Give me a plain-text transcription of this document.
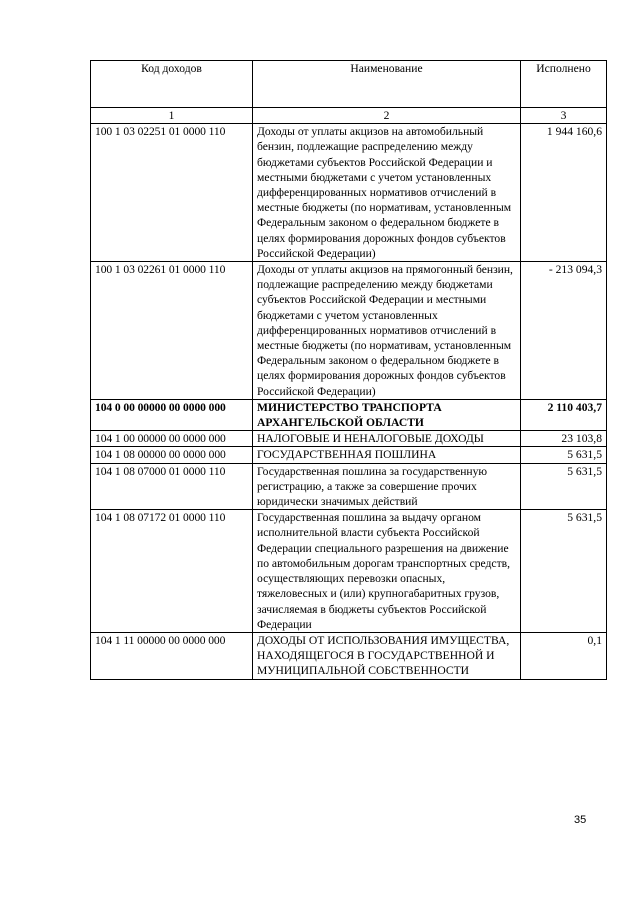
Код доходов	Наименование	Исполнено
1	2	3
100 1 03 02251 01 0000 110	Доходы от уплаты акцизов на автомобильный бензин, подлежащие распределению между бюджетами субъектов Российской Федерации и местными бюджетами с учетом установленных дифференцированных нормативов отчислений в местные бюджеты (по нормативам, установленным Федеральным законом о федеральном бюджете в целях формирования дорожных фондов субъектов Российской Федерации)	1 944 160,6
100 1 03 02261 01 0000 110	Доходы от уплаты акцизов на прямогонный бензин, подлежащие распределению между бюджетами субъектов Российской Федерации и местными бюджетами с учетом установленных дифференцированных нормативов отчислений в местные бюджеты (по нормативам, установленным Федеральным законом о федеральном бюджете в целях формирования дорожных фондов субъектов Российской Федерации)	- 213 094,3
104 0 00 00000 00 0000 000	МИНИСТЕРСТВО ТРАНСПОРТА АРХАНГЕЛЬСКОЙ ОБЛАСТИ	2 110 403,7
104 1 00 00000 00 0000 000	НАЛОГОВЫЕ И НЕНАЛОГОВЫЕ ДОХОДЫ	23 103,8
104 1 08 00000 00 0000 000	ГОСУДАРСТВЕННАЯ ПОШЛИНА	5 631,5
104 1 08 07000 01 0000 110	Государственная пошлина за государственную регистрацию, а также за совершение прочих юридически значимых действий	5 631,5
104 1 08 07172 01 0000 110	Государственная пошлина за выдачу органом исполнительной власти субъекта Российской Федерации специального разрешения на движение по автомобильным дорогам транспортных средств, осуществляющих перевозки опасных, тяжеловесных и (или) крупногабаритных грузов, зачисляемая в бюджеты субъектов Российской Федерации	5 631,5
104 1 11 00000 00 0000 000	ДОХОДЫ ОТ ИСПОЛЬЗОВАНИЯ ИМУЩЕСТВА, НАХОДЯЩЕГОСЯ В ГОСУДАРСТВЕННОЙ И МУНИЦИПАЛЬНОЙ СОБСТВЕННОСТИ	0,1
35
